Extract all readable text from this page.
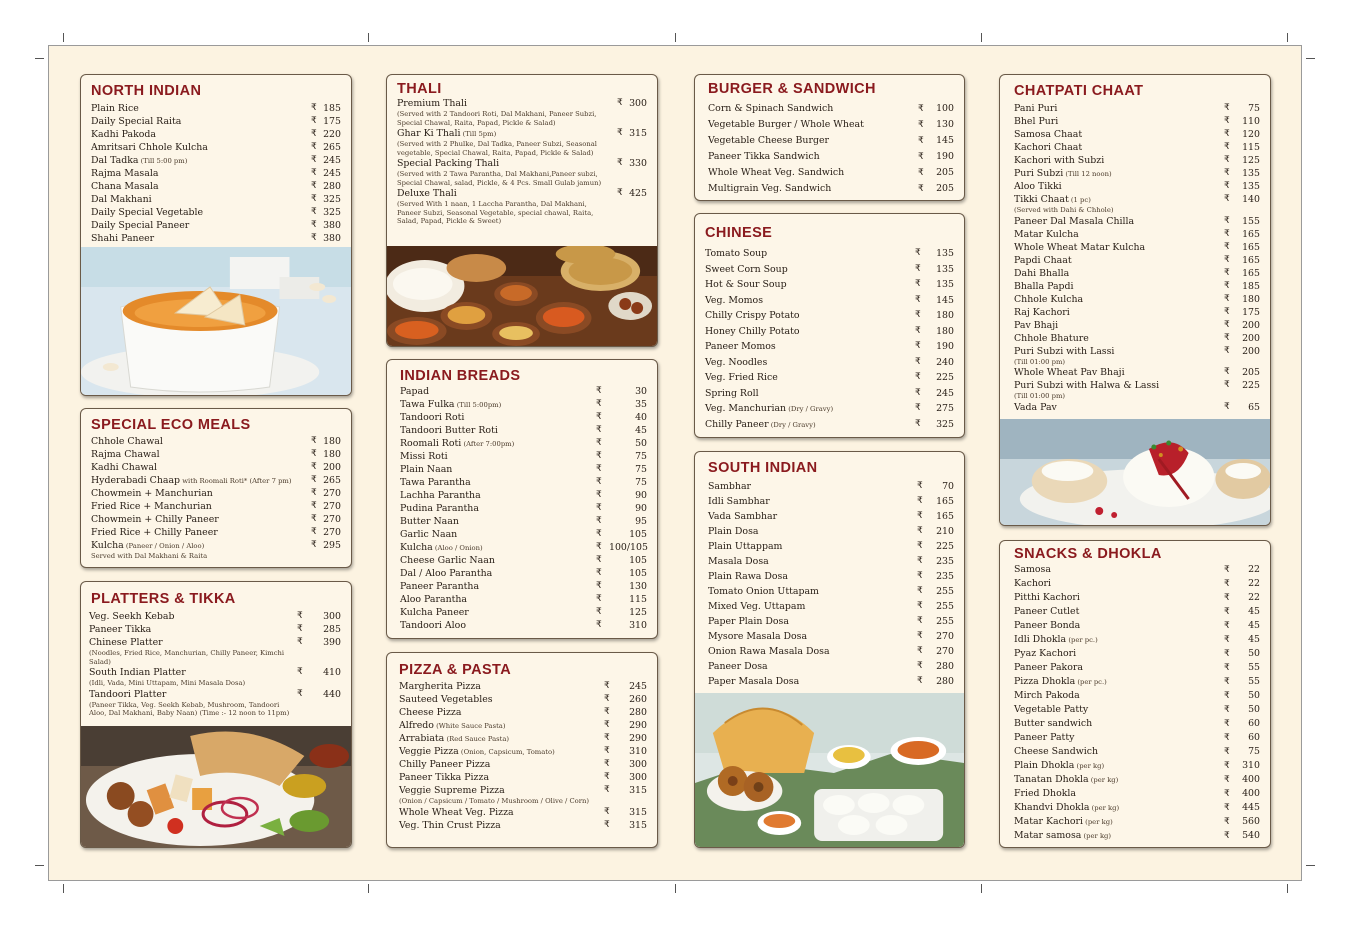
NORTH INDIAN
Plain Rice	₹ 185
Daily Special Raita	₹ 175
Kadhi Pakoda	₹ 220
Amritsari Chhole Kulcha	₹ 265
Dal Tadka (Till 5:00 pm)	₹ 245
Rajma Masala	₹ 245
Chana Masala	₹ 280
Dal Makhani	₹ 325
Daily Special Vegetable	₹ 325
Daily Special Paneer	₹ 380
Shahi Paneer	₹ 380
SPECIAL ECO MEALS
Chhole Chawal	₹ 180
Rajma Chawal	₹ 180
Kadhi Chawal	₹ 200
Hyderabadi Chaap with Roomali Roti* (After 7 pm) ₹ 265
Chowmein + Manchurian	₹ 270
Fried Rice + Manchurian	₹ 270
Chowmein + Chilly Paneer	₹ 270
Fried Rice + Chilly Paneer	₹ 270
Kulcha (Paneer / Onion / Aloo)	₹ 295
Served with Dal Makhani & Raita
PLATTERS & TIKKA
Veg. Seekh Kebab	₹	300
Paneer Tikka	₹	285
Chinese Platter	₹	390
(Noodles, Fried Rice, Manchurian, Chilly Paneer, Kimchi Salad)
South Indian Platter	₹	410
(Idli, Vada, Mini Uttapam, Mini Masala Dosa)
Tandoori Platter	₹	440
(Paneer Tikka, Veg. Seekh Kebab, Mushroom, Tandoori Aloo, Dal Makhani, Baby Naan) (Time :- 12 noon to 11pm)
THALI
Premium Thali	₹ 300
(Served with 2 Tandoori Roti, Dal Makhani, Paneer Subzi, Special Chawal, Raita, Papad, Pickle & Salad)
Ghar Ki Thali (Till 5pm)	₹ 315
(Served with 2 Phulke, Dal Tadka, Paneer Subzi, Seasonal vegetable, Special Chawal, Raita, Papad, Pickle & Salad)
Special Packing Thali	₹ 330
(Served with 2 Tawa Parantha, Dal Makhani,Paneer subzi, Special Chawal, salad, Pickle, & 4 Pcs. Small Gulab jamun)
Deluxe Thali	₹ 425
(Served With 1 naan, 1 Laccha Parantha, Dal Makhani, Paneer Subzi, Seasonal Vegetable, special chawal, Raita, Salad, Papad, Pickle & Sweet)
INDIAN BREADS
Papad	₹	30
Tawa Fulka (Till 5:00pm)	₹	35
Tandoori Roti	₹	40
Tandoori Butter Roti	₹	45
Roomali Roti (After 7:00pm)	₹	50
Missi Roti	₹	75
Plain Naan	₹	75
Tawa Parantha	₹	75
Lachha Parantha	₹	90
Pudina Parantha	₹	90
Butter Naan	₹	95
Garlic Naan	₹	105
Kulcha (Aloo / Onion)	₹ 100/105
Cheese Garlic Naan	₹	105
Dal / Aloo Parantha	₹	105
Paneer Parantha	₹	130
Aloo Parantha	₹	115
Kulcha Paneer	₹	125
Tandoori Aloo	₹	310
PIZZA & PASTA
Margherita Pizza	₹	245
Sauteed Vegetables	₹	260
Cheese Pizza	₹	280
Alfredo (White Sauce Pasta)	₹	290
Arrabiata (Red Sauce Pasta)	₹	290
Veggie Pizza (Onion, Capsicum, Tomato)	₹	310
Chilly Paneer Pizza	₹	300
Paneer Tikka Pizza	₹	300
Veggie Supreme Pizza	₹	315
(Onion / Capsicum / Tomato / Mushroom / Olive / Corn)
Whole Wheat Veg. Pizza	₹	315
Veg. Thin Crust Pizza	₹	315
BURGER & SANDWICH
Corn & Spinach Sandwich	₹	100
Vegetable Burger / Whole Wheat	₹	130
Vegetable Cheese Burger	₹	145
Paneer Tikka Sandwich	₹	190
Whole Wheat Veg. Sandwich	₹	205
Multigrain Veg. Sandwich	₹	205
CHINESE
Tomato Soup	₹	135
Sweet Corn Soup	₹	135
Hot & Sour Soup	₹	135
Veg. Momos	₹	145
Chilly Crispy Potato	₹	180
Honey Chilly Potato	₹	180
Paneer Momos	₹	190
Veg. Noodles	₹	240
Veg. Fried Rice	₹	225
Spring Roll	₹	245
Veg. Manchurian (Dry / Gravy)	₹	275
Chilly Paneer (Dry / Gravy)	₹	325
SOUTH INDIAN
Sambhar	₹	70
Idli Sambhar	₹	165
Vada Sambhar	₹	165
Plain Dosa	₹	210
Plain Uttappam	₹	225
Masala Dosa	₹	235
Plain Rawa Dosa	₹	235
Tomato Onion Uttapam	₹	255
Mixed Veg. Uttapam	₹	255
Paper Plain Dosa	₹	255
Mysore Masala Dosa	₹	270
Onion Rawa Masala Dosa	₹	270
Paneer Dosa	₹	280
Paper Masala Dosa	₹	280
CHATPATI CHAAT
Pani Puri	₹	75
Bhel Puri	₹	110
Samosa Chaat	₹	120
Kachori Chaat	₹	115
Kachori with Subzi	₹	125
Puri Subzi (Till 12 noon)	₹	135
Aloo Tikki	₹	135
Tikki Chaat (1 pc)	₹	140
(Served with Dahi & Chhole)
Paneer Dal Masala Chilla	₹	155
Matar Kulcha	₹	165
Whole Wheat Matar Kulcha	₹	165
Papdi Chaat	₹	165
Dahi Bhalla	₹	165
Bhalla Papdi	₹	185
Chhole Kulcha	₹	180
Raj Kachori	₹	175
Pav Bhaji	₹	200
Chhole Bhature	₹	200
Puri Subzi with Lassi	₹	200
(Till 01:00 pm)
Whole Wheat Pav Bhaji	₹	205
Puri Subzi with Halwa & Lassi	₹	225
(Till 01:00 pm)
Vada Pav	₹	65
SNACKS & DHOKLA
Samosa	₹	22
Kachori	₹	22
Pitthi Kachori	₹	22
Paneer Cutlet	₹	45
Paneer Bonda	₹	45
Idli Dhokla (per pc.)	₹	45
Pyaz Kachori	₹	50
Paneer Pakora	₹	55
Pizza Dhokla (per pc.)	₹	55
Mirch Pakoda	₹	50
Vegetable Patty	₹	50
Butter sandwich	₹	60
Paneer Patty	₹	60
Cheese Sandwich	₹	75
Plain Dhokla (per kg)	₹	310
Tanatan Dhokla (per kg)	₹	400
Fried Dhokla	₹	400
Khandvi Dhokla (per kg)	₹	445
Matar Kachori (per kg)	₹	560
Matar samosa (per kg)	₹	540
